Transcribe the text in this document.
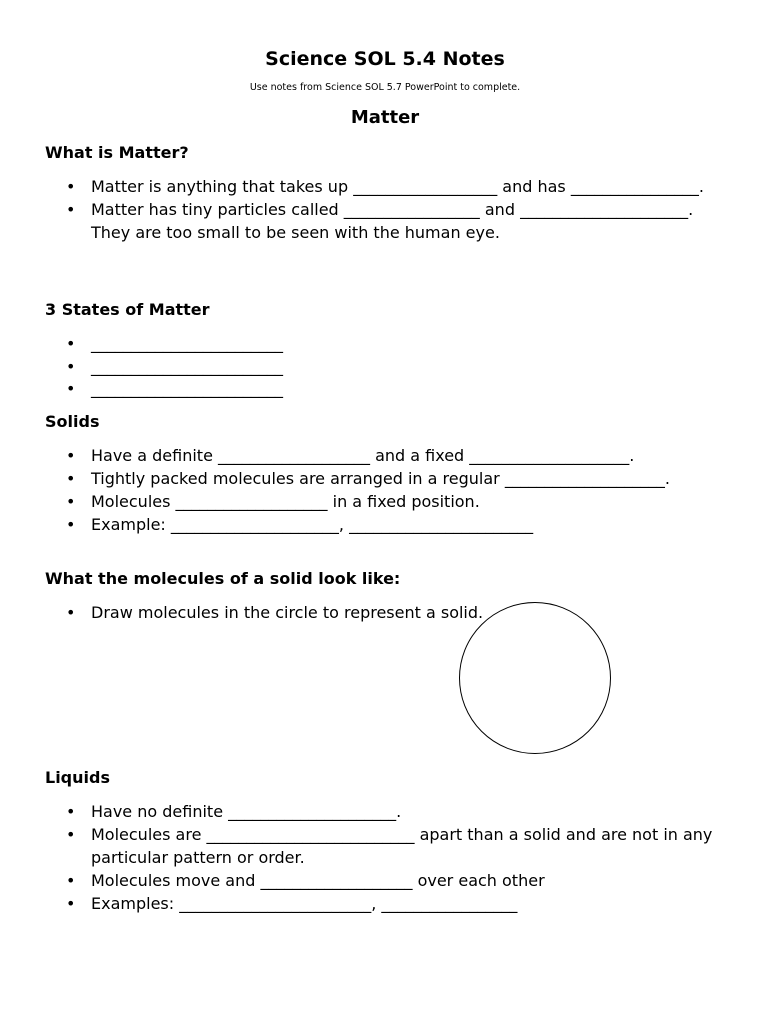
Science SOL 5.4 Notes
Use notes from Science SOL 5.7 PowerPoint to complete.
Matter
What is Matter?
• Matter is anything that takes up __________________ and has ________________.
• Matter has tiny particles called _________________ and _____________________. They are too small to be seen with the human eye.
3 States of Matter
• ________________________
• ________________________
• ________________________
Solids
• Have a definite ___________________ and a fixed ____________________.
• Tightly packed molecules are arranged in a regular ____________________.
• Molecules ___________________ in a fixed position.
• Example: _____________________, _______________________
What the molecules of a solid look like:
• Draw molecules in the circle to represent a solid.
Liquids
• Have no definite _____________________.
• Molecules are __________________________ apart than a solid and are not in any particular pattern or order.
• Molecules move and ___________________ over each other
• Examples: ________________________, _________________
